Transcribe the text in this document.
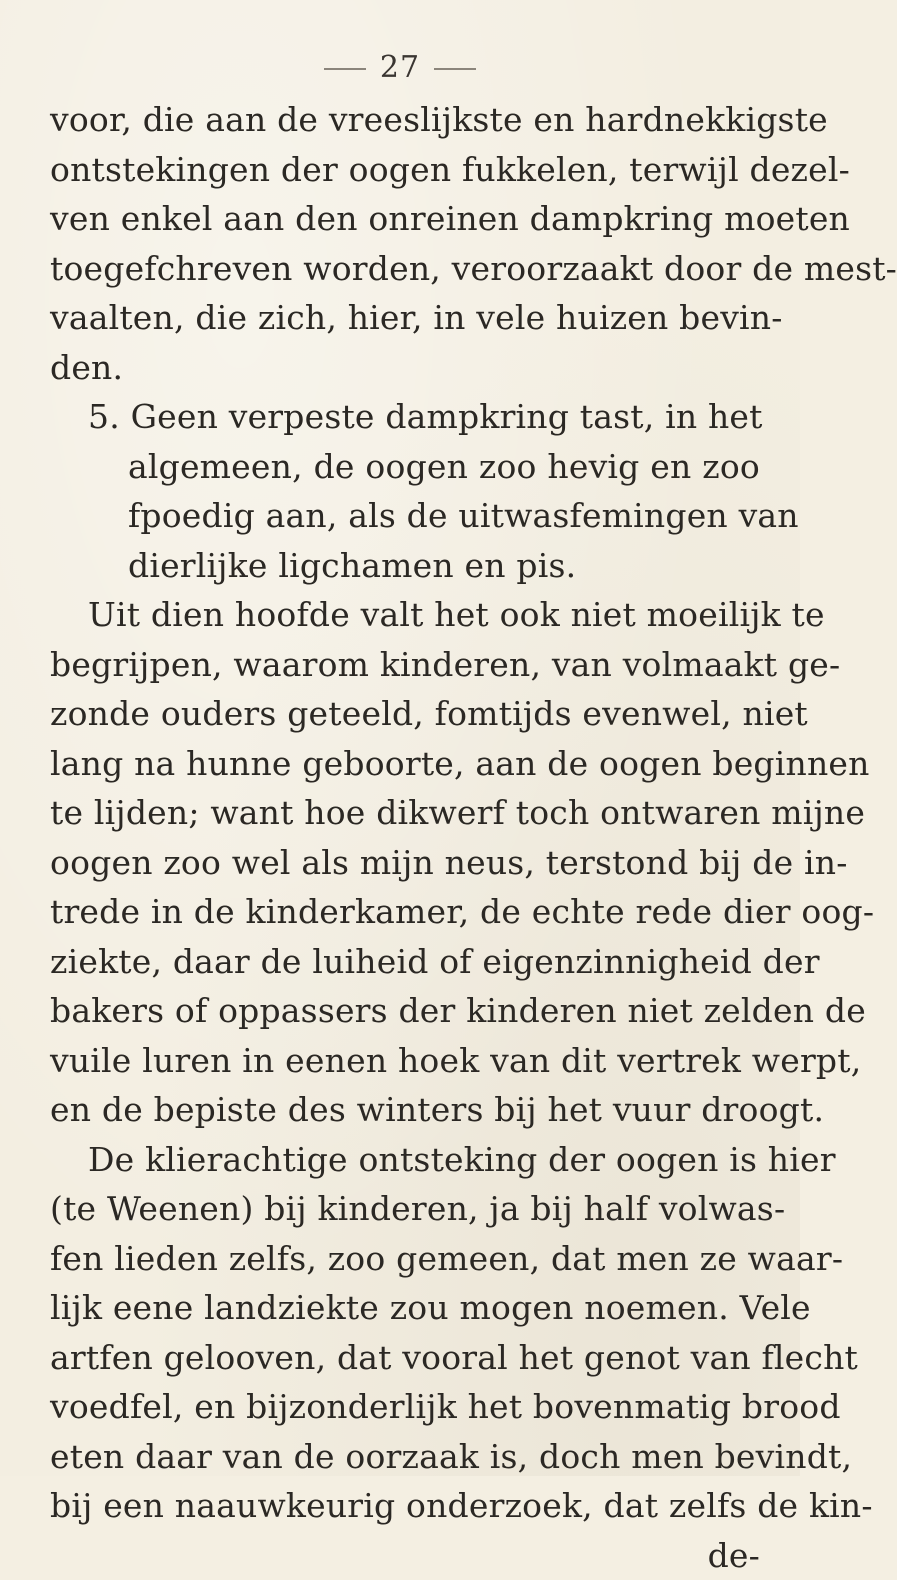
27
voor, die aan de vreeslijkste en hardnekkigste
ontstekingen der oogen fukkelen, terwijl dezel-
ven enkel aan den onreinen dampkring moeten
toegefchreven worden, veroorzaakt door de mest-
vaalten, die zich, hier, in vele huizen bevin-
den.
5. Geen verpeste dampkring tast, in het
algemeen, de oogen zoo hevig en zoo
fpoedig aan, als de uitwasfemingen van
dierlijke ligchamen en pis.
Uit dien hoofde valt het ook niet moeilijk te
begrijpen, waarom kinderen, van volmaakt ge-
zonde ouders geteeld, fomtijds evenwel, niet
lang na hunne geboorte, aan de oogen beginnen
te lijden; want hoe dikwerf toch ontwaren mijne
oogen zoo wel als mijn neus, terstond bij de in-
trede in de kinderkamer, de echte rede dier oog-
ziekte, daar de luiheid of eigenzinnigheid der
bakers of oppassers der kinderen niet zelden de
vuile luren in eenen hoek van dit vertrek werpt,
en de bepiste des winters bij het vuur droogt.
De klierachtige ontsteking der oogen is hier
(te Weenen) bij kinderen, ja bij half volwas-
fen lieden zelfs, zoo gemeen, dat men ze waar-
lijk eene landziekte zou mogen noemen. Vele
artfen gelooven, dat vooral het genot van flecht
voedfel, en bijzonderlijk het bovenmatig brood
eten daar van de oorzaak is, doch men bevindt,
bij een naauwkeurig onderzoek, dat zelfs de kin-
de-
